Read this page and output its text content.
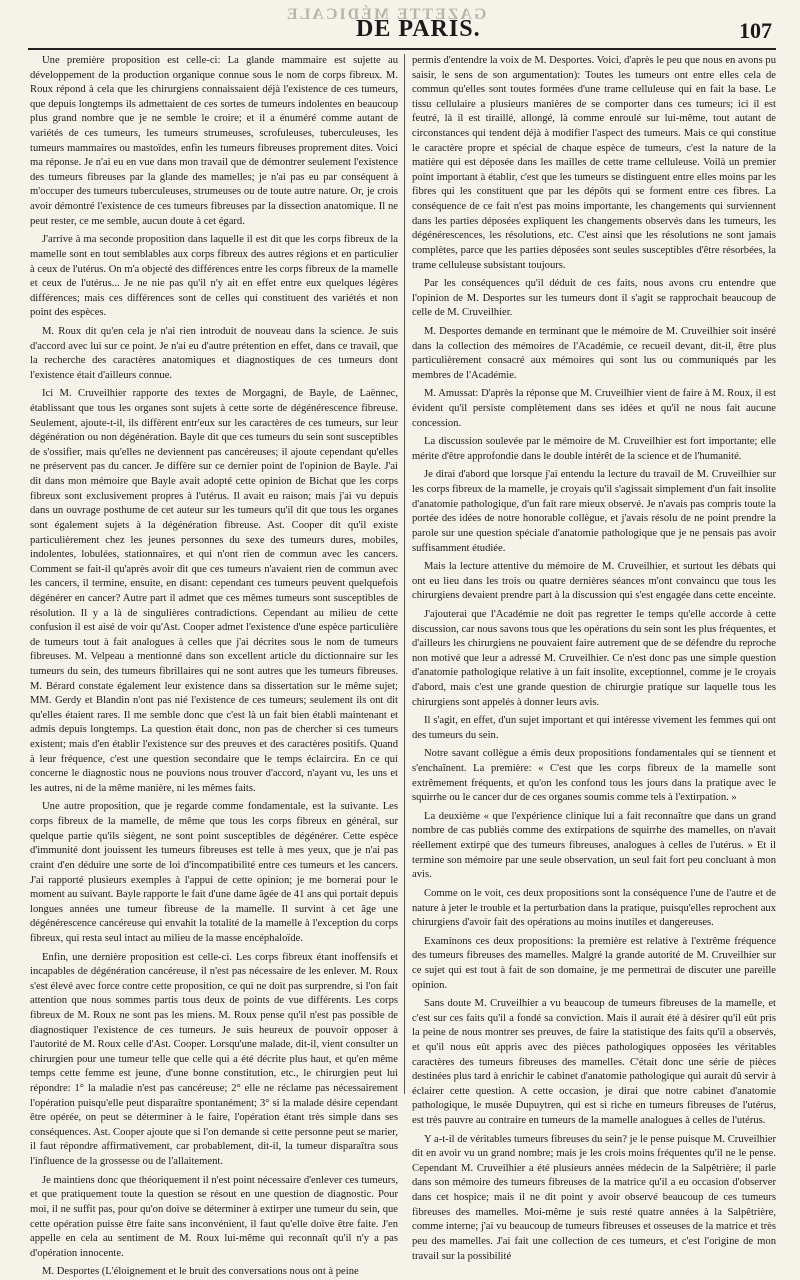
GAZETTE MÉDICALE
DE PARIS.	107

Une première proposition est celle-ci: La glande mammaire est sujette au développement de la production organique connue sous le nom de corps fibreux. M. Roux répond à cela que les chirurgiens connaissaient déjà l'existence de ces tumeurs, que depuis longtemps ils admettaient de ces sortes de tumeurs indolentes en beaucoup plus grand nombre que je ne semble le croire; et il a énuméré comme autant de variétés de ces tumeurs, les tumeurs strumeuses, scrofuleuses, tuberculeuses, les tumeurs mammaires ou mastoïdes, enfin les tumeurs fibreuses proprement dites. Voici ma réponse. Je n'ai eu en vue dans mon travail que de démontrer seulement l'existence des tumeurs fibreuses par la glande des mamelles; je n'ai pas eu par conséquent à m'occuper des tumeurs tuberculeuses, strumeuses ou de toute autre nature. Or, je crois avoir démontré l'existence de ces tumeurs fibreuses par la dissection anatomique. Il ne peut rester, ce me semble, aucun doute à cet égard.

J'arrive à ma seconde proposition dans laquelle il est dit que les corps fibreux de la mamelle sont en tout semblables aux corps fibreux des autres régions et en particulier à ceux de l'utérus. On m'a objecté des différences entre les corps fibreux de la mamelle et ceux de l'utérus... Je ne nie pas qu'il n'y ait en effet entre eux quelques légères différences; mais ces différences sont de celles qui constituent des variétés et non point des espèces.

M. Roux dit qu'en cela je n'ai rien introduit de nouveau dans la science. Je suis d'accord avec lui sur ce point. Je n'ai eu d'autre prétention en effet, dans ce travail, que la recherche des caractères anatomiques et diagnostiques de ces tumeurs dont l'existence était d'ailleurs connue.

Ici M. Cruveilhier rapporte des textes de Morgagni, de Bayle, de Laënnec, établissant que tous les organes sont sujets à cette sorte de dégénérescence fibreuse. Seulement, ajoute-t-il, ils diffèrent entr'eux sur les caractères de ces tumeurs, sur leur dégénération ou non dégénération. Bayle dit que ces tumeurs du sein sont susceptibles de s'ossifier, mais qu'elles ne deviennent pas cancéreuses; il ajoute cependant qu'elles ne préservent pas du cancer. Je diffère sur ce dernier point de l'opinion de Bayle. J'ai dit dans mon mémoire que Bayle avait adopté cette opinion de Bichat que les corps fibreux sont exclusivement propres à l'utérus. Il avait eu raison; mais j'ai vu depuis dans un ouvrage posthume de cet auteur sur les tumeurs qu'il dit que tous les organes sont également sujets à la dégénération fibreuse. Ast. Cooper dit qu'il existe particulièrement chez les jeunes personnes du sexe des tumeurs dures, mobiles, indolentes, lobulées, stationnaires, et qui n'ont rien de commun avec les cancers. Comment se fait-il qu'après avoir dit que ces tumeurs n'avaient rien de commun avec les cancers, il termine, ensuite, en disant: cependant ces tumeurs peuvent quelquefois dégénérer en cancer? Autre part il admet que ces mêmes tumeurs sont susceptibles de résolution. Il y a là de singulières contradictions. Cependant au milieu de cette confusion il est aisé de voir qu'Ast. Cooper admet l'existence d'une espèce particulière de tumeurs tout à fait analogues à celles que j'ai décrites sous le nom de tumeurs fibreuses. M. Velpeau a mentionné dans son excellent article du dictionnaire sur les tumeurs du sein, des tumeurs fibrillaires qui ne sont autres que les tumeurs fibreuses. M. Bérard constate également leur existence dans sa dissertation sur le même sujet; MM. Gerdy et Blandin n'ont pas nié l'existence de ces tumeurs; seulement ils ont dit qu'elles étaient rares. Il me semble donc que c'est là un fait bien établi maintenant et admis depuis longtemps. La question était donc, non pas de chercher si ces tumeurs existent; mais d'en établir l'existence sur des preuves et des caractères positifs. Quand à leur fréquence, c'est une question secondaire que le temps éclaircira. En ce qui concerne le diagnostic nous ne pouvions nous trouver d'accord, n'ayant vu, les uns et les autres, ni de la même manière, ni les mêmes faits.

Une autre proposition, que je regarde comme fondamentale, est la suivante. Les corps fibreux de la mamelle, de même que tous les corps fibreux en général, sur quelque partie qu'ils siègent, ne sont point susceptibles de dégénérer. Cette espèce d'immunité dont jouissent les tumeurs fibreuses est telle à mes yeux, que je n'ai pas craint d'en déduire une sorte de loi d'incompatibilité entre ces tumeurs et les cancers. J'ai rapporté plusieurs exemples à l'appui de cette opinion; je me bornerai pour le moment au suivant. Bayle rapporte le fait d'une dame âgée de 41 ans qui portait depuis longues années une tumeur fibreuse de la mamelle. Il survint à cet âge une dégénérescence cancéreuse qui envahit la totalité de la mamelle à l'exception du corps fibreux, qui resta seul intact au milieu de la masse encéphaloïde.

Enfin, une dernière proposition est celle-ci. Les corps fibreux étant inoffensifs et incapables de dégénération cancéreuse, il n'est pas nécessaire de les enlever. M. Roux s'est élevé avec force contre cette proposition, ce qui ne doit pas surprendre, si l'on fait attention que nous sommes partis tous deux de points de vue différents. Les corps fibreux de M. Roux ne sont pas les miens. M. Roux pense qu'il n'est pas possible de diagnostiquer l'existence de ces tumeurs. Je suis heureux de pouvoir opposer à l'autorité de M. Roux celle d'Ast. Cooper. Lorsqu'une malade, dit-il, vient consulter un chirurgien pour une tumeur telle que celle qui a été décrite plus haut, et qu'en même temps cette femme est jeune, d'une bonne constitution, etc., le chirurgien peut lui répondre: 1° la maladie n'est pas cancéreuse; 2° elle ne réclame pas nécessairement l'opération puisqu'elle peut disparaître spontanément; 3° si la malade désire cependant être opérée, on peut se déterminer à le faire, l'opération étant très simple dans ses conséquences. Ast. Cooper ajoute que si l'on demande si cette personne peut se marier, il faut répondre affirmativement, car probablement, dit-il, la tumeur disparaîtra sous l'influence de la grossesse ou de l'allaitement.

Je maintiens donc que théoriquement il n'est point nécessaire d'enlever ces tumeurs, et que pratiquement toute la question se résout en une question de diagnostic. Pour moi, il ne suffit pas, pour qu'on doive se déterminer à extirper une tumeur du sein, que cette opération puisse être faite sans inconvénient, il faut qu'elle doive être faite. J'en appelle en cela au sentiment de M. Roux lui-même qui reconnaît qu'il n'y a pas d'opération innocente.

M. Desportes (L'éloignement et le bruit des conversations nous ont à peine

permis d'entendre la voix de M. Desportes. Voici, d'après le peu que nous en avons pu saisir, le sens de son argumentation): Toutes les tumeurs ont entre elles cela de commun qu'elles sont toutes formées d'une trame celluleuse qui en fait la base. Le tissu cellulaire a plusieurs manières de se comporter dans ces tumeurs; ici il est feutré, là il est tiraillé, allongé, là comme enroulé sur lui-même, tout autant de circonstances qui tendent déjà à modifier l'aspect des tumeurs. Mais ce qui constitue le caractère propre et spécial de chaque espèce de tumeurs, c'est la nature de la matière qui est déposée dans les mailles de cette trame celluleuse. Voilà un premier point important à établir, c'est que les tumeurs se distinguent entre elles moins par les fibres qui les constituent que par les dépôts qui se forment entre ces fibres. La conséquence de ce fait n'est pas moins importante, les changements qui surviennent dans les parties déposées expliquent les changements observés dans les tumeurs, les dégénérescences, les résolutions, etc. C'est ainsi que les résolutions ne sont jamais complètes, parce que les parties déposées sont seules susceptibles d'être résorbées, la trame celluleuse subsistant toujours.

Par les conséquences qu'il déduit de ces faits, nous avons cru entendre que l'opinion de M. Desportes sur les tumeurs dont il s'agit se rapprochait beaucoup de celle de M. Cruveilhier.

M. Desportes demande en terminant que le mémoire de M. Cruveilhier soit inséré dans la collection des mémoires de l'Académie, ce recueil devant, dit-il, être plus particulièrement consacré aux mémoires qui sont lus ou communiqués par les membres de l'Académie.

M. Amussat: D'après la réponse que M. Cruveilhier vient de faire à M. Roux, il est évident qu'il persiste complètement dans ses idées et qu'il ne nous fait aucune concession.

La discussion soulevée par le mémoire de M. Cruveilhier est fort importante; elle mérite d'être approfondie dans le double intérêt de la science et de l'humanité.

Je dirai d'abord que lorsque j'ai entendu la lecture du travail de M. Cruveilhier sur les corps fibreux de la mamelle, je croyais qu'il s'agissait simplement d'un fait insolite d'anatomie pathologique, d'un fait rare mieux observé. Je n'avais pas compris toute la portée des idées de notre honorable collègue, et j'avais résolu de ne point prendre la parole sur une question spéciale d'anatomie pathologique que je ne pensais pas avoir suffisamment étudiée.

Mais la lecture attentive du mémoire de M. Cruveilhier, et surtout les débats qui ont eu lieu dans les trois ou quatre dernières séances m'ont convaincu que tous les chirurgiens devaient prendre part à la discussion qui s'est engagée dans cette enceinte.

J'ajouterai que l'Académie ne doit pas regretter le temps qu'elle accorde à cette discussion, car nous savons tous que les opérations du sein sont les plus fréquentes, et d'ailleurs les chirurgiens ne pouvaient faire autrement que de se défendre du reproche non motivé que leur a adressé M. Cruveilhier. Ce n'est donc pas une simple question d'anatomie pathologique relative à un fait insolite, exceptionnel, comme je le croyais d'abord, mais c'est une grande question de chirurgie pratique sur laquelle tous les chirurgiens sont appelés à donner leurs avis.

Il s'agit, en effet, d'un sujet important et qui intéresse vivement les femmes qui ont des tumeurs du sein.

Notre savant collègue a émis deux propositions fondamentales qui se tiennent et s'enchaînent. La première: « C'est que les corps fibreux de la mamelle sont extrêmement fréquents, et qu'on les confond tous les jours dans la pratique avec le squirrhe ou le cancer dur de ces organes soumis comme tels à l'extirpation. »

La deuxième « que l'expérience clinique lui a fait reconnaître que dans un grand nombre de cas publiés comme des extirpations de squirrhe des mamelles, on n'avait réellement extirpé que des tumeurs fibreuses, analogues à celles de l'utérus. » Et il termine son mémoire par une seule observation, un seul fait fort peu concluant à mon avis.

Comme on le voit, ces deux propositions sont la conséquence l'une de l'autre et de nature à jeter le trouble et la perturbation dans la pratique, puisqu'elles reprochent aux chirurgiens d'avoir fait des opérations au moins inutiles et dangereuses.

Examinons ces deux propositions: la première est relative à l'extrême fréquence des tumeurs fibreuses des mamelles. Malgré la grande autorité de M. Cruveilhier sur ce sujet qui est tout à fait de son domaine, je me permettrai de discuter une pareille opinion.

Sans doute M. Cruveilhier a vu beaucoup de tumeurs fibreuses de la mamelle, et c'est sur ces faits qu'il a fondé sa conviction. Mais il aurait été à désirer qu'il eût pris la peine de nous montrer ses preuves, de faire la statistique des faits qu'il a observés, et qu'il nous eût appris avec des pièces pathologiques opposées les véritables caractères des tumeurs fibreuses des mamelles. C'était donc une série de pièces destinées plus tard à enrichir le cabinet d'anatomie pathologique qui aurait dû servir à éclairer cette question. A cette occasion, je dirai que notre cabinet d'anatomie pathologique, le musée Dupuytren, qui est si riche en tumeurs fibreuses de l'utérus, est très pauvre au contraire en tumeurs de la mamelle analogues à celles de l'utérus.

Y a-t-il de véritables tumeurs fibreuses du sein? je le pense puisque M. Cruveilhier dit en avoir vu un grand nombre; mais je les crois moins fréquentes qu'il ne le pense. Cependant M. Cruveilhier a été plusieurs années médecin de la Salpêtrière; il parle dans son mémoire des tumeurs fibreuses de la matrice qu'il a eu occasion d'observer dans cet hospice; mais il ne dit point y avoir observé beaucoup de ces tumeurs fibreuses des mamelles. Moi-même je suis resté quatre années à la Salpêtrière, comme interne; j'ai vu beaucoup de tumeurs fibreuses et osseuses de la matrice et très peu des mamelles. J'ai fait une collection de ces tumeurs, et c'est l'origine de mon travail sur la possibilité
